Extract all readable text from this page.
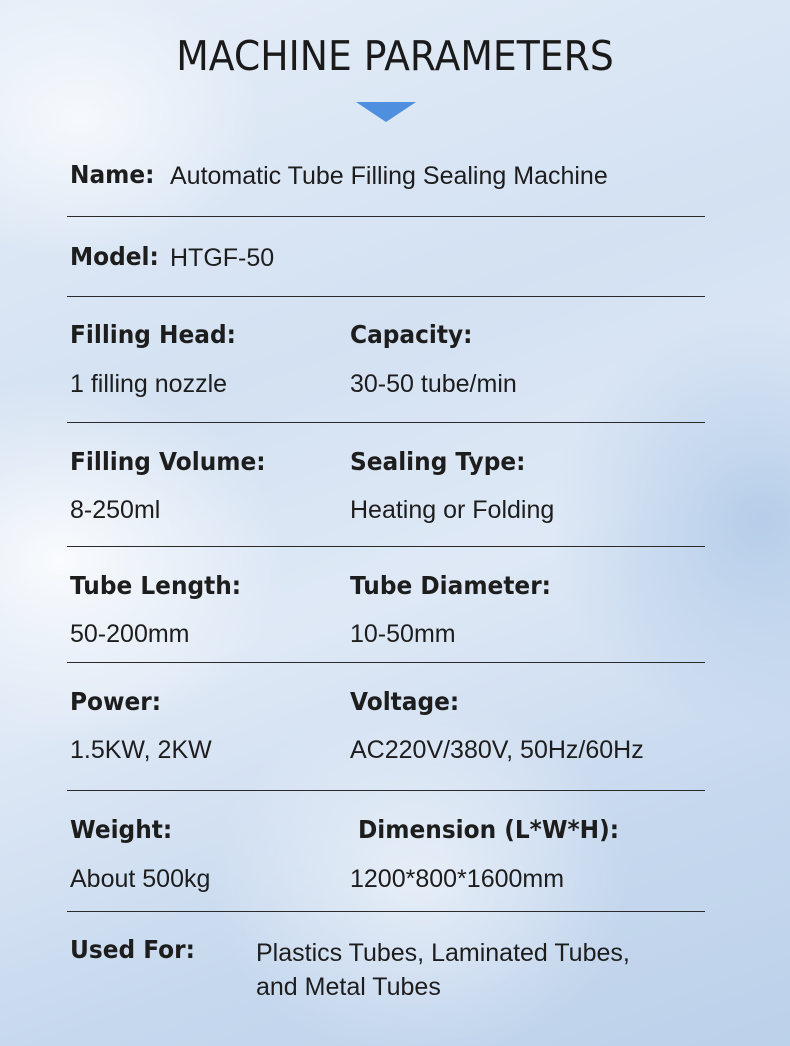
MACHINE PARAMETERS
Name: Automatic Tube Filling Sealing Machine
Model: HTGF-50
Filling Head:	Capacity:
1 filling nozzle	30-50 tube/min
Filling Volume:	Sealing Type:
8-250ml	Heating or Folding
Tube Length:	Tube Diameter:
50-200mm	10-50mm
Power:	Voltage:
1.5KW, 2KW	AC220V/380V, 50Hz/60Hz
Weight:	Dimension (L*W*H):
About 500kg	1200*800*1600mm
Used For: Plastics Tubes, Laminated Tubes,
and Metal Tubes
